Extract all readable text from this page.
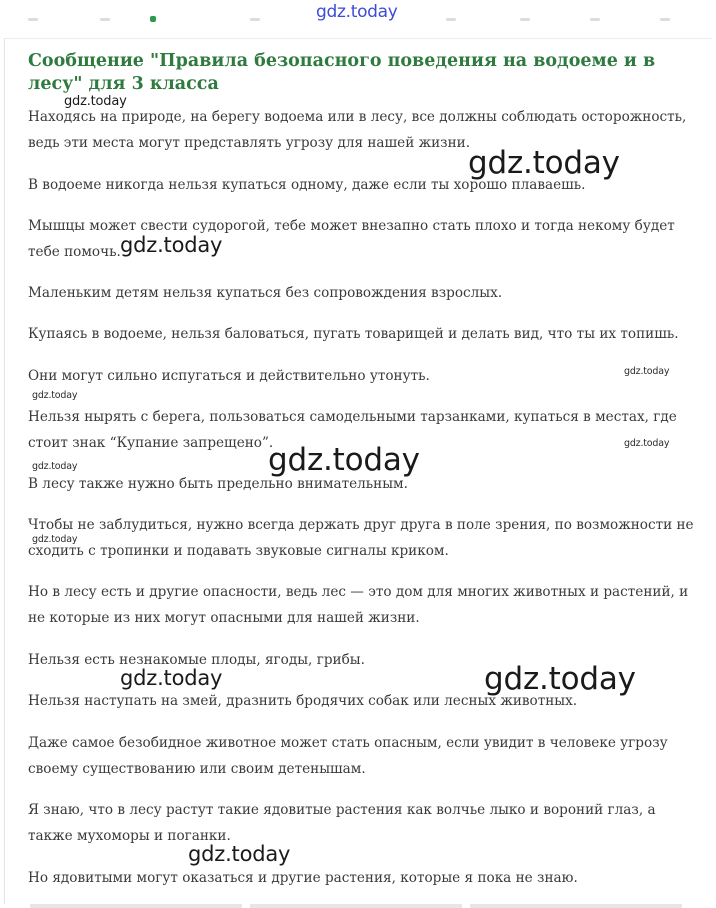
gdz.today
Сообщение "Правила безопасного поведения на водоеме и в
лесу" для 3 класса

Находясь на природе, на берегу водоема или в лесу, все должны соблюдать осторожность,
ведь эти места могут представлять угрозу для нашей жизни.

В водоеме никогда нельзя купаться одному, даже если ты хорошо плаваешь.

Мышцы может свести судорогой, тебе может внезапно стать плохо и тогда некому будет
тебе помочь.

Маленьким детям нельзя купаться без сопровождения взрослых.

Купаясь в водоеме, нельзя баловаться, пугать товарищей и делать вид, что ты их топишь.

Они могут сильно испугаться и действительно утонуть.

Нельзя нырять с берега, пользоваться самодельными тарзанками, купаться в местах, где
стоит знак “Купание запрещено”.

В лесу также нужно быть предельно внимательным.

Чтобы не заблудиться, нужно всегда держать друг друга в поле зрения, по возможности не
сходить с тропинки и подавать звуковые сигналы криком.

Но в лесу есть и другие опасности, ведь лес — это дом для многих животных и растений, и
не которые из них могут опасными для нашей жизни.

Нельзя есть незнакомые плоды, ягоды, грибы.

Нельзя наступать на змей, дразнить бродячих собак или лесных животных.

Даже самое безобидное животное может стать опасным, если увидит в человеке угрозу
своему существованию или своим детенышам.

Я знаю, что в лесу растут такие ядовитые растения как волчье лыко и вороний глаз, а
также мухоморы и поганки.

Но ядовитыми могут оказаться и другие растения, которые я пока не знаю.

gdz.today
gdz.today
gdz.today
gdz.today
gdz.today
gdz.today
gdz.today
gdz.today
gdz.today
gdz.today	gdz.today
gdz.today
